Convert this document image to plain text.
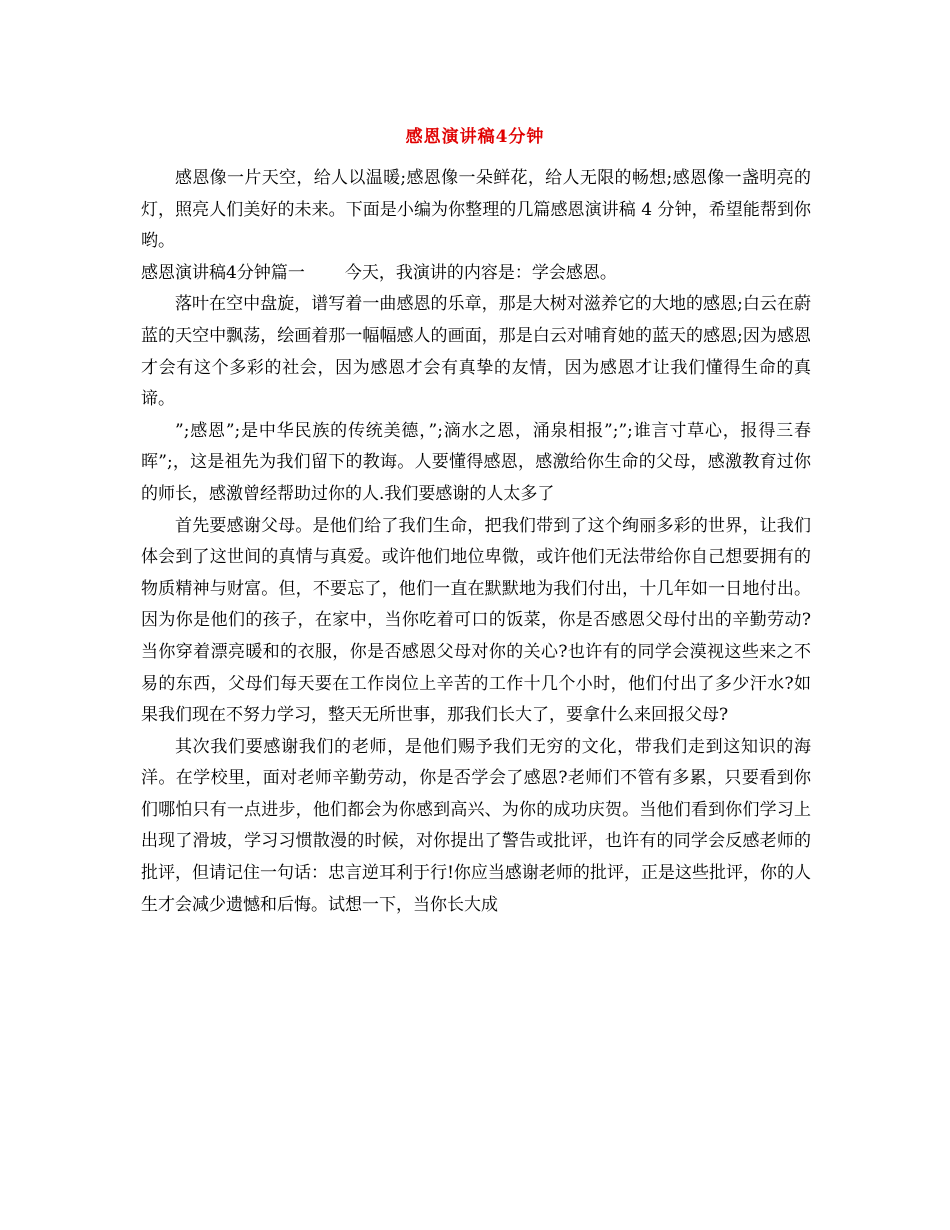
感恩演讲稿4分钟

感恩像一片天空，给人以温暖;感恩像一朵鲜花，给人无限的畅想;感恩像一盏明亮的灯，照亮人们美好的未来。下面是小编为你整理的几篇感恩演讲稿 4 分钟，希望能帮到你哟。

感恩演讲稿4分钟篇一 今天，我演讲的内容是：学会感恩。

落叶在空中盘旋，谱写着一曲感恩的乐章，那是大树对滋养它的大地的感恩;白云在蔚蓝的天空中飘荡，绘画着那一幅幅感人的画面，那是白云对哺育她的蓝天的感恩;因为感恩才会有这个多彩的社会，因为感恩才会有真挚的友情，因为感恩才让我们懂得生命的真谛。

”;感恩”;是中华民族的传统美德，”;滴水之恩，涌泉相报”;”;谁言寸草心，报得三春晖”;，这是祖先为我们留下的教诲。人要懂得感恩，感激给你生命的父母，感激教育过你的师长，感激曾经帮助过你的人.我们要感谢的人太多了

首先要感谢父母。是他们给了我们生命，把我们带到了这个绚丽多彩的世界，让我们体会到了这世间的真情与真爱。或许他们地位卑微，或许他们无法带给你自己想要拥有的物质精神与财富。但，不要忘了，他们一直在默默地为我们付出，十几年如一日地付出。因为你是他们的孩子，在家中，当你吃着可口的饭菜，你是否感恩父母付出的辛勤劳动?当你穿着漂亮暖和的衣服，你是否感恩父母对你的关心?也许有的同学会漠视这些来之不易的东西，父母们每天要在工作岗位上辛苦的工作十几个小时，他们付出了多少汗水?如果我们现在不努力学习，整天无所世事，那我们长大了，要拿什么来回报父母?

其次我们要感谢我们的老师，是他们赐予我们无穷的文化，带我们走到这知识的海洋。在学校里，面对老师辛勤劳动，你是否学会了感恩?老师们不管有多累，只要看到你们哪怕只有一点进步，他们都会为你感到高兴、为你的成功庆贺。当他们看到你们学习上出现了滑坡，学习习惯散漫的时候，对你提出了警告或批评，也许有的同学会反感老师的批评，但请记住一句话：忠言逆耳利于行!你应当感谢老师的批评，正是这些批评，你的人生才会减少遗憾和后悔。试想一下，当你长大成
